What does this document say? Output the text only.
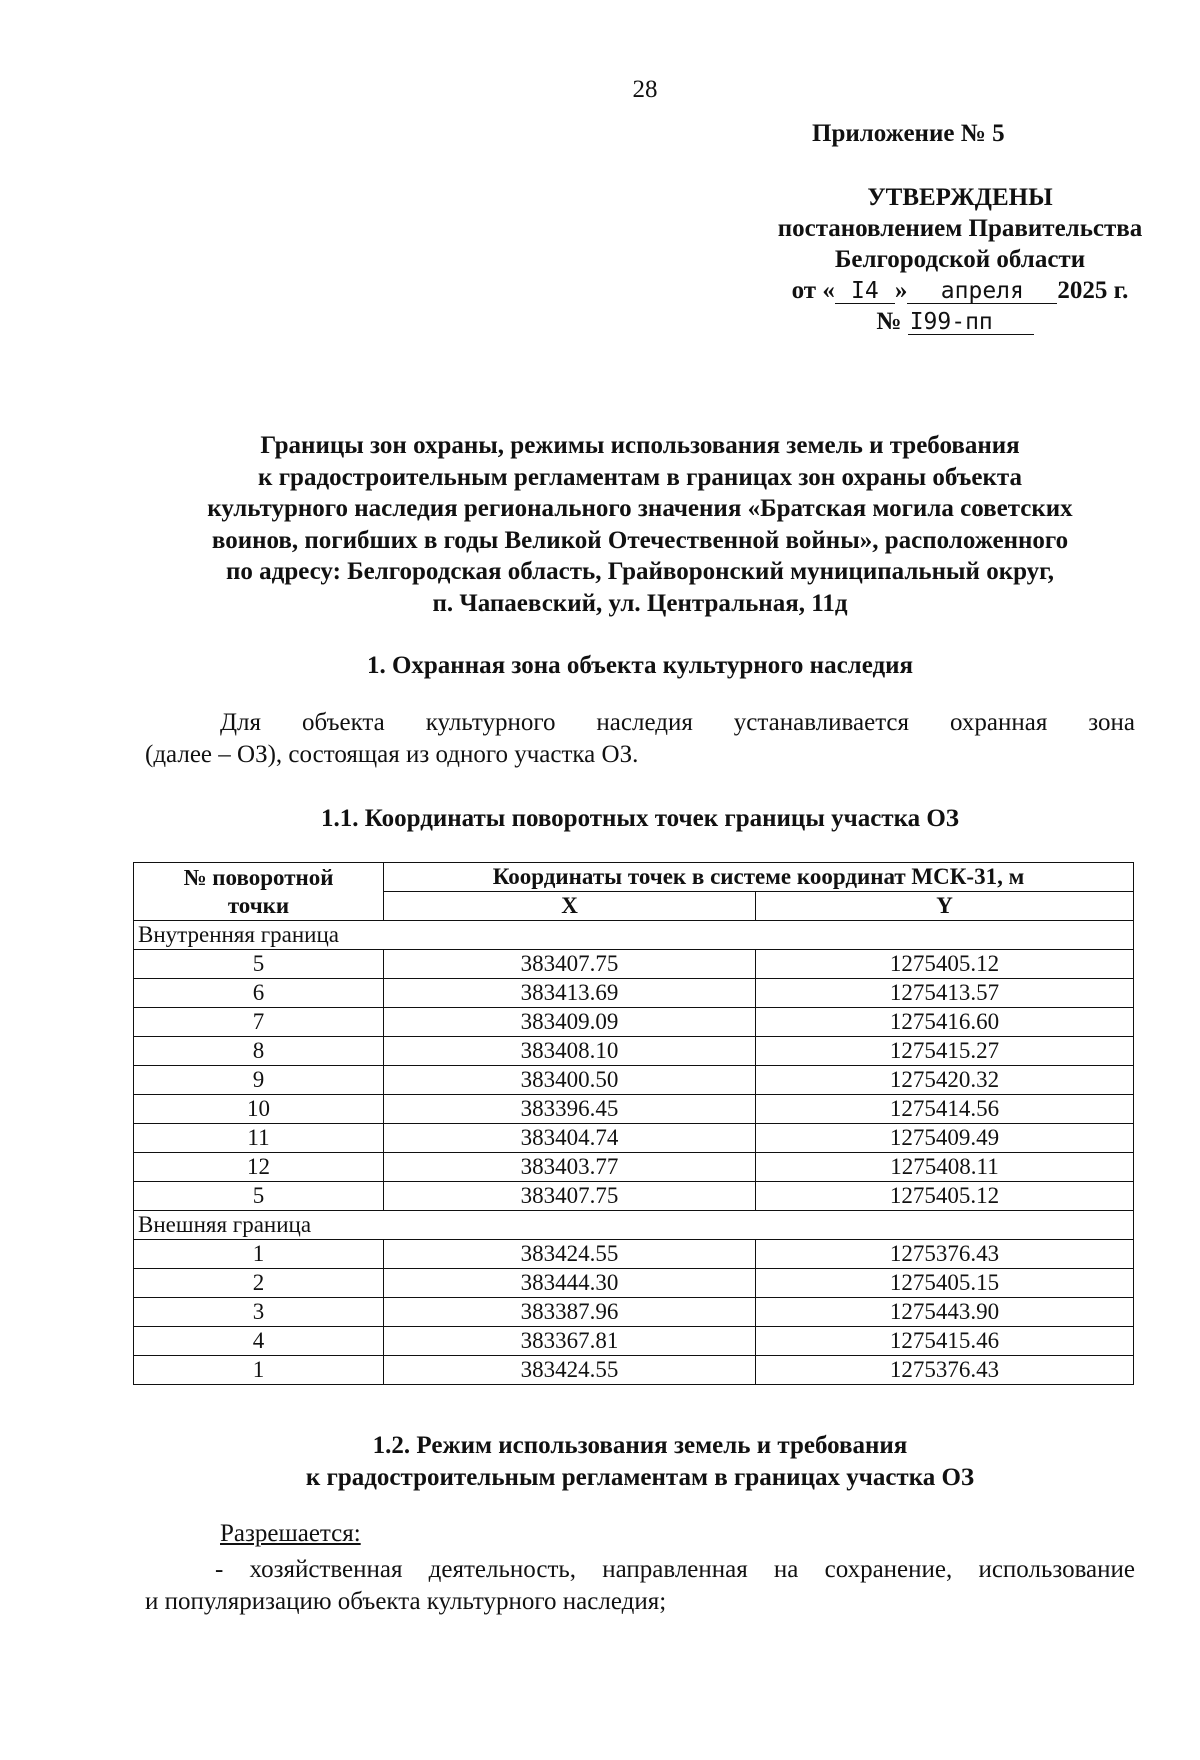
28
Приложение № 5
УТВЕРЖДЕНЫ
постановлением Правительства
Белгородской области
от « I4 » апреля 2025 г.
№ I99-пп
Границы зон охраны, режимы использования земель и требования
к градостроительным регламентам в границах зон охраны объекта
культурного наследия регионального значения «Братская могила советских
воинов, погибших в годы Великой Отечественной войны», расположенного
по адресу: Белгородская область, Грайворонский муниципальный округ,
п. Чапаевский, ул. Центральная, 11д
1. Охранная зона объекта культурного наследия
Для объекта культурного наследия устанавливается охранная зона
(далее – ОЗ), состоящая из одного участка ОЗ.
1.1. Координаты поворотных точек границы участка ОЗ
№ поворотной
точки	Координаты точек в системе координат МСК-31, м	
	X	Y
Внутренняя граница		
5	383407.75	1275405.12
6	383413.69	1275413.57
7	383409.09	1275416.60
8	383408.10	1275415.27
9	383400.50	1275420.32
10	383396.45	1275414.56
11	383404.74	1275409.49
12	383403.77	1275408.11
5	383407.75	1275405.12
Внешняя граница		
1	383424.55	1275376.43
2	383444.30	1275405.15
3	383387.96	1275443.90
4	383367.81	1275415.46
1	383424.55	1275376.43
1.2. Режим использования земель и требования
к градостроительным регламентам в границах участка ОЗ
Разрешается:
- хозяйственная деятельность, направленная на сохранение, использование
и популяризацию объекта культурного наследия;
